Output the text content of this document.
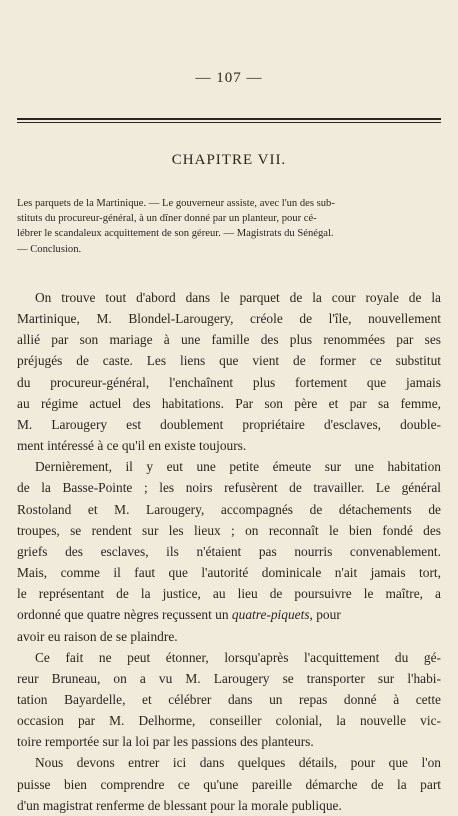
— 107 —
CHAPITRE VII.
Les parquets de la Martinique. — Le gouverneur assiste, avec l'un des sub-
stituts du procureur-général, à un dîner donné par un planteur, pour cé-
lébrer le scandaleux acquittement de son géreur. — Magistrats du Sénégal.
— Conclusion.
On trouve tout d'abord dans le parquet de la cour royale de la
Martinique, M. Blondel-Larougery, créole de l'île, nouvellement
allié par son mariage à une famille des plus renommées par ses
préjugés de caste. Les liens que vient de former ce substitut
du procureur-général, l'enchaînent plus fortement que jamais
au régime actuel des habitations. Par son père et par sa femme,
M. Larougery est doublement propriétaire d'esclaves, double-
ment intéressé à ce qu'il en existe toujours.
Dernièrement, il y eut une petite émeute sur une habitation
de la Basse-Pointe ; les noirs refusèrent de travailler. Le général
Rostoland et M. Larougery, accompagnés de détachements de
troupes, se rendent sur les lieux ; on reconnaît le bien fondé des
griefs des esclaves, ils n'étaient pas nourris convenablement.
Mais, comme il faut que l'autorité dominicale n'ait jamais tort,
le représentant de la justice, au lieu de poursuivre le maître, a
ordonné que quatre nègres reçussent un quatre-piquets, pour
avoir eu raison de se plaindre.
Ce fait ne peut étonner, lorsqu'après l'acquittement du gé-
reur Bruneau, on a vu M. Larougery se transporter sur l'habi-
tation Bayardelle, et célébrer dans un repas donné à cette
occasion par M. Delhorme, conseiller colonial, la nouvelle vic-
toire remportée sur la loi par les passions des planteurs.
Nous devons entrer ici dans quelques détails, pour que l'on
puisse bien comprendre ce qu'une pareille démarche de la part
d'un magistrat renferme de blessant pour la morale publique.
